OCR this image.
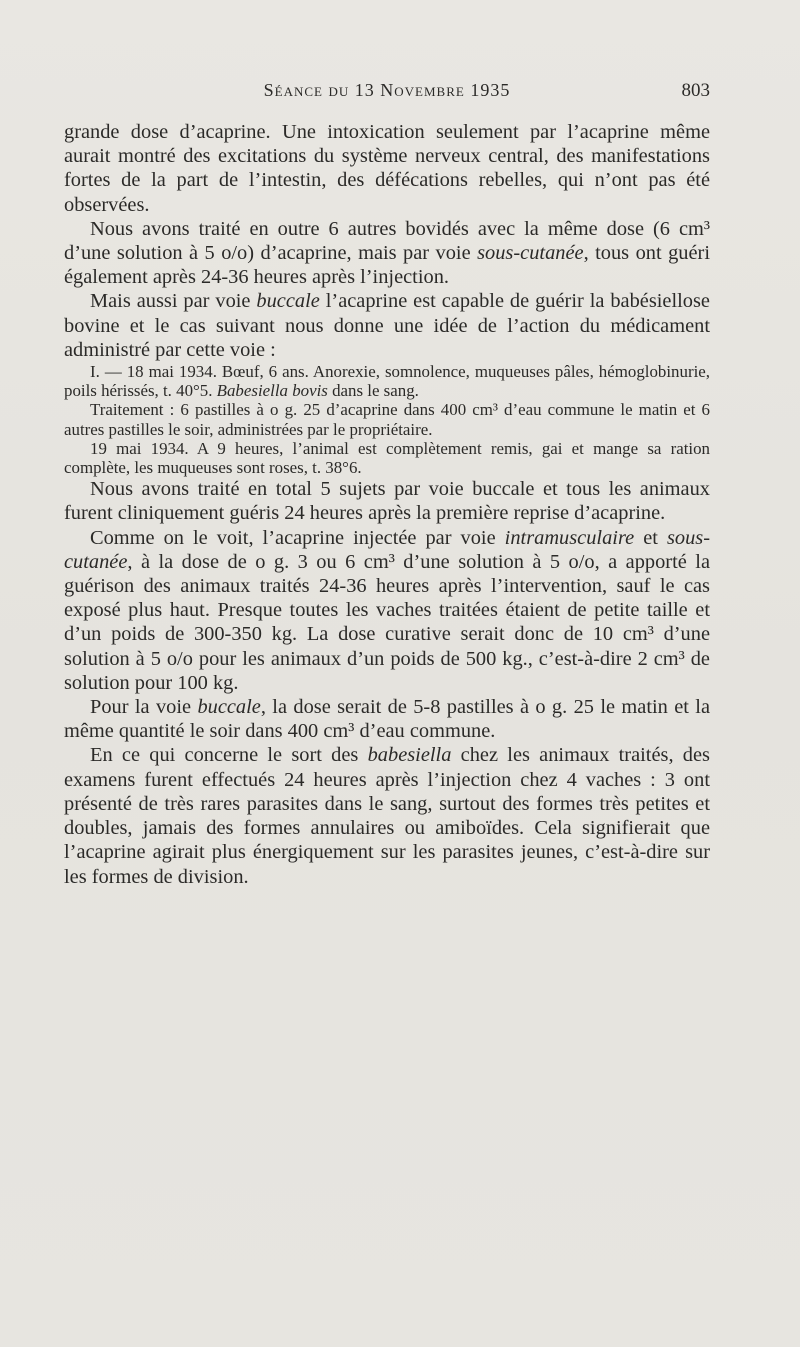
Séance du 13 Novembre 1935	803

grande dose d’acaprine. Une intoxication seulement par l’acaprine même aurait montré des excitations du système nerveux central, des manifestations fortes de la part de l’intestin, des défécations rebelles, qui n’ont pas été observées.

Nous avons traité en outre 6 autres bovidés avec la même dose (6 cm³ d’une solution à 5 o/o) d’acaprine, mais par voie sous-cutanée, tous ont guéri également après 24-36 heures après l’injection.

Mais aussi par voie buccale l’acaprine est capable de guérir la babésiellose bovine et le cas suivant nous donne une idée de l’action du médicament administré par cette voie :

I. — 18 mai 1934. Bœuf, 6 ans. Anorexie, somnolence, muqueuses pâles, hémoglobinurie, poils hérissés, t. 40°5. Babesiella bovis dans le sang.

Traitement : 6 pastilles à o g. 25 d’acaprine dans 400 cm³ d’eau commune le matin et 6 autres pastilles le soir, administrées par le propriétaire.

19 mai 1934. A 9 heures, l’animal est complètement remis, gai et mange sa ration complète, les muqueuses sont roses, t. 38°6.

Nous avons traité en total 5 sujets par voie buccale et tous les animaux furent cliniquement guéris 24 heures après la première reprise d’acaprine.

Comme on le voit, l’acaprine injectée par voie intramusculaire et sous-cutanée, à la dose de o g. 3 ou 6 cm³ d’une solution à 5 o/o, a apporté la guérison des animaux traités 24-36 heures après l’intervention, sauf le cas exposé plus haut. Presque toutes les vaches traitées étaient de petite taille et d’un poids de 300-350 kg. La dose curative serait donc de 10 cm³ d’une solution à 5 o/o pour les animaux d’un poids de 500 kg., c’est-à-dire 2 cm³ de solution pour 100 kg.

Pour la voie buccale, la dose serait de 5-8 pastilles à o g. 25 le matin et la même quantité le soir dans 400 cm³ d’eau commune.

En ce qui concerne le sort des babesiella chez les animaux traités, des examens furent effectués 24 heures après l’injection chez 4 vaches : 3 ont présenté de très rares parasites dans le sang, surtout des formes très petites et doubles, jamais des formes annulaires ou amiboïdes. Cela signifierait que l’acaprine agirait plus énergiquement sur les parasites jeunes, c’est-à-dire sur les formes de division.
